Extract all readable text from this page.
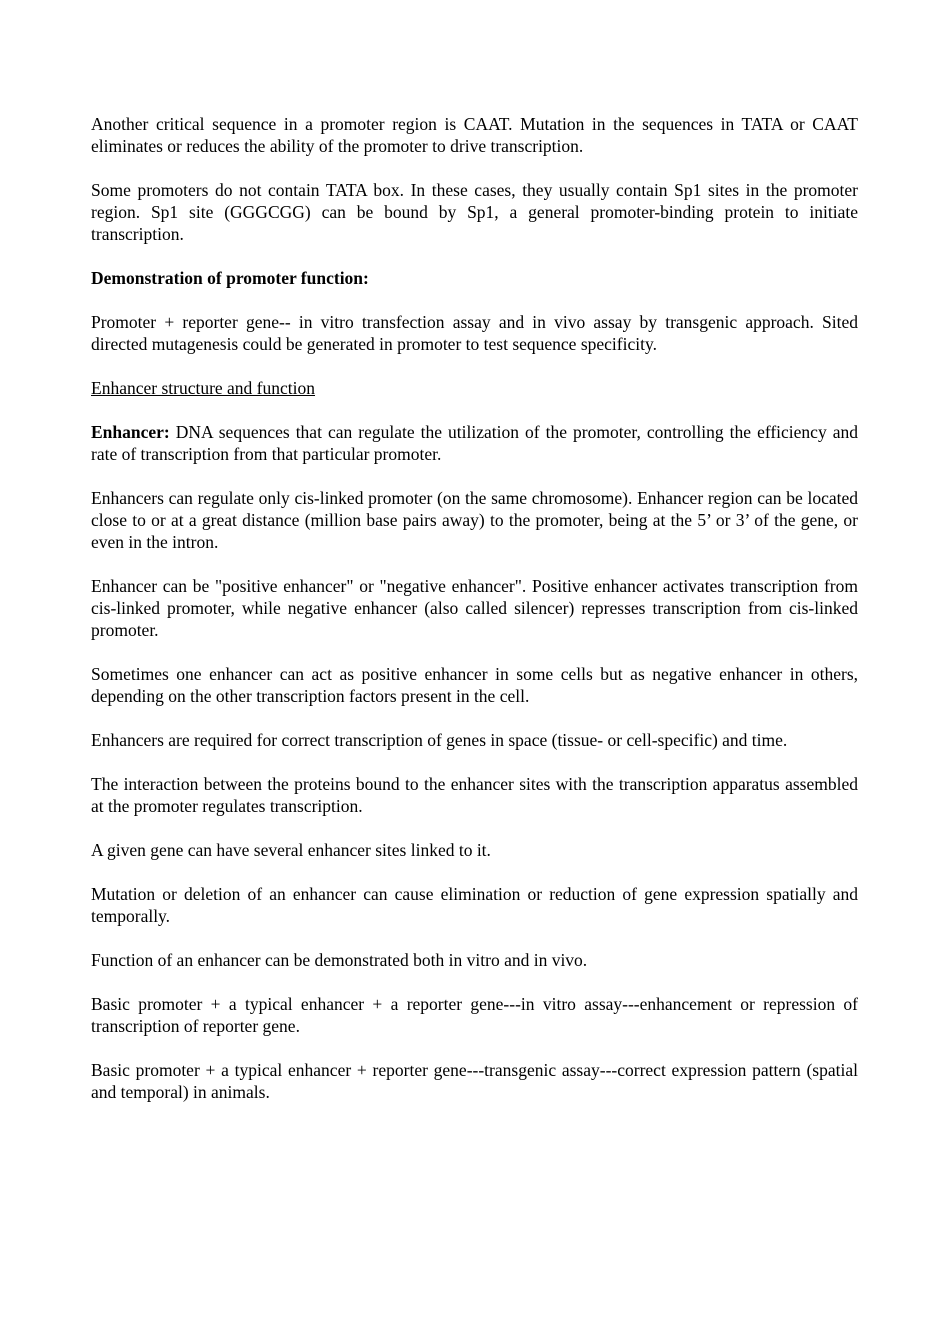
Another critical sequence in a promoter region is CAAT. Mutation in the sequences in TATA or CAAT eliminates or reduces the ability of the promoter to drive transcription.

Some promoters do not contain TATA box. In these cases, they usually contain Sp1 sites in the promoter region. Sp1 site (GGGCGG) can be bound by Sp1, a general promoter-binding protein to initiate transcription.

Demonstration of promoter function:

Promoter + reporter gene-- in vitro transfection assay and in vivo assay by transgenic approach. Sited directed mutagenesis could be generated in promoter to test sequence specificity.

Enhancer structure and function

Enhancer: DNA sequences that can regulate the utilization of the promoter, controlling the efficiency and rate of transcription from that particular promoter.

Enhancers can regulate only cis-linked promoter (on the same chromosome). Enhancer region can be located close to or at a great distance (million base pairs away) to the promoter, being at the 5’ or 3’ of the gene, or even in the intron.

Enhancer can be "positive enhancer" or "negative enhancer". Positive enhancer activates transcription from cis-linked promoter, while negative enhancer (also called silencer) represses transcription from cis-linked promoter.

Sometimes one enhancer can act as positive enhancer in some cells but as negative enhancer in others, depending on the other transcription factors present in the cell.

Enhancers are required for correct transcription of genes in space (tissue- or cell-specific) and time.

The interaction between the proteins bound to the enhancer sites with the transcription apparatus assembled at the promoter regulates transcription.

A given gene can have several enhancer sites linked to it.

Mutation or deletion of an enhancer can cause elimination or reduction of gene expression spatially and temporally.

Function of an enhancer can be demonstrated both in vitro and in vivo.

Basic promoter + a typical enhancer + a reporter gene---in vitro assay---enhancement or repression of transcription of reporter gene.

Basic promoter + a typical enhancer + reporter gene---transgenic assay---correct expression pattern (spatial and temporal) in animals.
